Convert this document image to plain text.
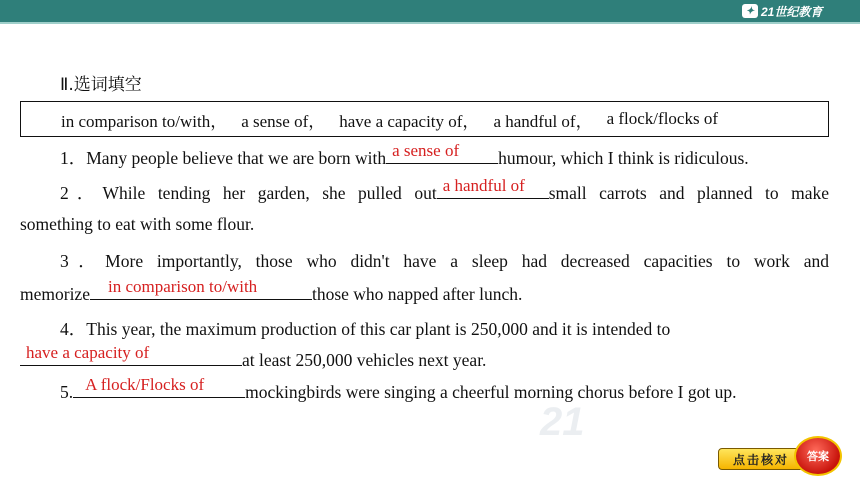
✦ 21世纪教育
21
Ⅱ.选词填空
in comparison to/with， a sense of， have a capacity of， a handful of， a flock/flocks of
1．Many people believe that we are born with a sense of humour, which I think is ridiculous.
2．While tending her garden, she pulled out a handful of small carrots and planned to make
something to eat with some flour.
3．More importantly, those who didn't have a sleep had decreased capacities to work and
memorize in comparison to/with	those who napped after lunch.
4．This year, the maximum production of this car plant is 250,000 and it is intended to
have a capacity of	at least 250,000 vehicles next year.
5. A flock/Flocks of mockingbirds were singing a cheerful morning chorus before I got up.
点击核对	答案
